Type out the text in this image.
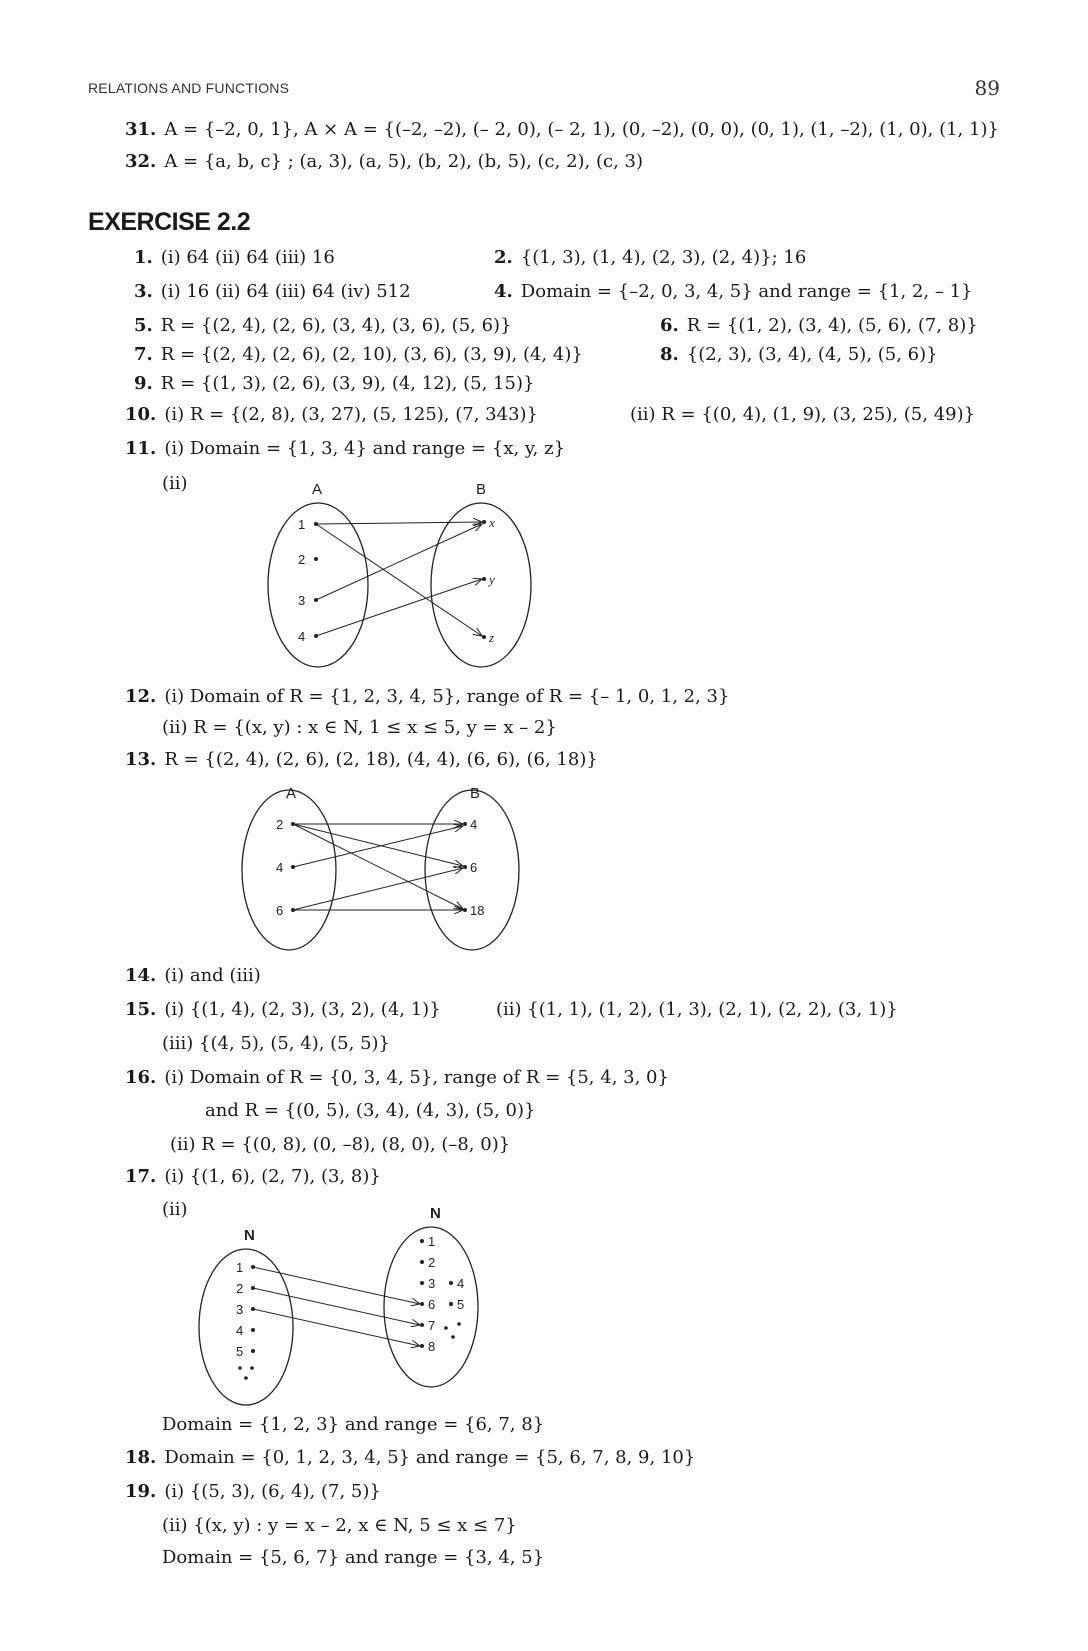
RELATIONS AND FUNCTIONS	89
31. A = {–2, 0, 1}, A × A = {(–2, –2), (– 2, 0), (– 2, 1), (0, –2), (0, 0), (0, 1), (1, –2), (1, 0), (1, 1)}
32. A = {a, b, c} ; (a, 3), (a, 5), (b, 2), (b, 5), (c, 2), (c, 3)
EXERCISE 2.2
1. (i) 64 (ii) 64 (iii) 16	2. {(1, 3), (1, 4), (2, 3), (2, 4)}; 16
3. (i) 16 (ii) 64 (iii) 64 (iv) 512	4. Domain = {–2, 0, 3, 4, 5} and range = {1, 2, – 1}
5. R = {(2, 4), (2, 6), (3, 4), (3, 6), (5, 6)}	6. R = {(1, 2), (3, 4), (5, 6), (7, 8)}
7. R = {(2, 4), (2, 6), (2, 10), (3, 6), (3, 9), (4, 4)}	8. {(2, 3), (3, 4), (4, 5), (5, 6)}
9. R = {(1, 3), (2, 6), (3, 9), (4, 12), (5, 15)}
10. (i) R = {(2, 8), (3, 27), (5, 125), (7, 343)}	(ii) R = {(0, 4), (1, 9), (3, 25), (5, 49)}
11. (i) Domain = {1, 3, 4} and range = {x, y, z}
(ii)	A	B
1
2
3
4
x
y
z
A	B
2
4
6
4
6
18
N
N
1
2
3
4
5
1
2
3
6
7
8
4
5
12. (i) Domain of R = {1, 2, 3, 4, 5}, range of R = {– 1, 0, 1, 2, 3}
(ii) R = {(x, y) : x ∈ N, 1 ≤ x ≤ 5, y = x – 2}
13. R = {(2, 4), (2, 6), (2, 18), (4, 4), (6, 6), (6, 18)}
14. (i) and (iii)
15. (i) {(1, 4), (2, 3), (3, 2), (4, 1)}	(ii) {(1, 1), (1, 2), (1, 3), (2, 1), (2, 2), (3, 1)}
(iii) {(4, 5), (5, 4), (5, 5)}
16. (i) Domain of R = {0, 3, 4, 5}, range of R = {5, 4, 3, 0}
and R = {(0, 5), (3, 4), (4, 3), (5, 0)}
(ii) R = {(0, 8), (0, –8), (8, 0), (–8, 0)}
17. (i) {(1, 6), (2, 7), (3, 8)}
(ii)
Domain = {1, 2, 3} and range = {6, 7, 8}
18. Domain = {0, 1, 2, 3, 4, 5} and range = {5, 6, 7, 8, 9, 10}
19. (i) {(5, 3), (6, 4), (7, 5)}
(ii) {(x, y) : y = x – 2, x ∈ N, 5 ≤ x ≤ 7}
Domain = {5, 6, 7} and range = {3, 4, 5}
